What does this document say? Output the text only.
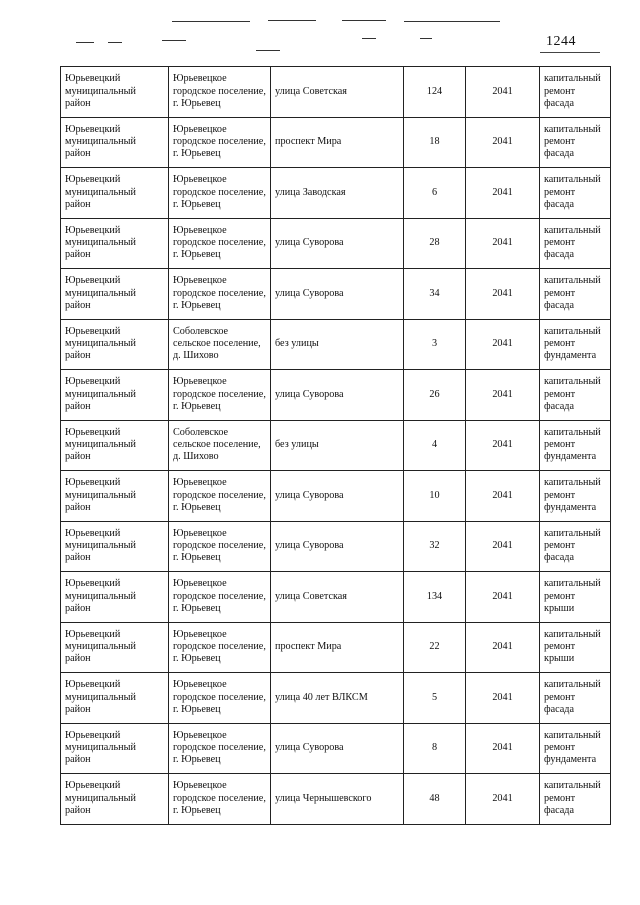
1244
Юрьевецкий муниципальный район	Юрьевецкое городское поселение, г. Юрьевец	улица Советская	124	2041	капитальный ремонт фасада
Юрьевецкий муниципальный район	Юрьевецкое городское поселение, г. Юрьевец	проспект Мира	18	2041	капитальный ремонт фасада
Юрьевецкий муниципальный район	Юрьевецкое городское поселение, г. Юрьевец	улица Заводская	6	2041	капитальный ремонт фасада
Юрьевецкий муниципальный район	Юрьевецкое городское поселение, г. Юрьевец	улица Суворова	28	2041	капитальный ремонт фасада
Юрьевецкий муниципальный район	Юрьевецкое городское поселение, г. Юрьевец	улица Суворова	34	2041	капитальный ремонт фасада
Юрьевецкий муниципальный район	Соболевское сельское поселение, д. Шихово	без улицы	3	2041	капитальный ремонт фундамента
Юрьевецкий муниципальный район	Юрьевецкое городское поселение, г. Юрьевец	улица Суворова	26	2041	капитальный ремонт фасада
Юрьевецкий муниципальный район	Соболевское сельское поселение, д. Шихово	без улицы	4	2041	капитальный ремонт фундамента
Юрьевецкий муниципальный район	Юрьевецкое городское поселение, г. Юрьевец	улица Суворова	10	2041	капитальный ремонт фундамента
Юрьевецкий муниципальный район	Юрьевецкое городское поселение, г. Юрьевец	улица Суворова	32	2041	капитальный ремонт фасада
Юрьевецкий муниципальный район	Юрьевецкое городское поселение, г. Юрьевец	улица Советская	134	2041	капитальный ремонт крыши
Юрьевецкий муниципальный район	Юрьевецкое городское поселение, г. Юрьевец	проспект Мира	22	2041	капитальный ремонт крыши
Юрьевецкий муниципальный район	Юрьевецкое городское поселение, г. Юрьевец	улица 40 лет ВЛКСМ	5	2041	капитальный ремонт фасада
Юрьевецкий муниципальный район	Юрьевецкое городское поселение, г. Юрьевец	улица Суворова	8	2041	капитальный ремонт фундамента
Юрьевецкий муниципальный район	Юрьевецкое городское поселение, г. Юрьевец	улица Чернышевского	48	2041	капитальный ремонт фасада
